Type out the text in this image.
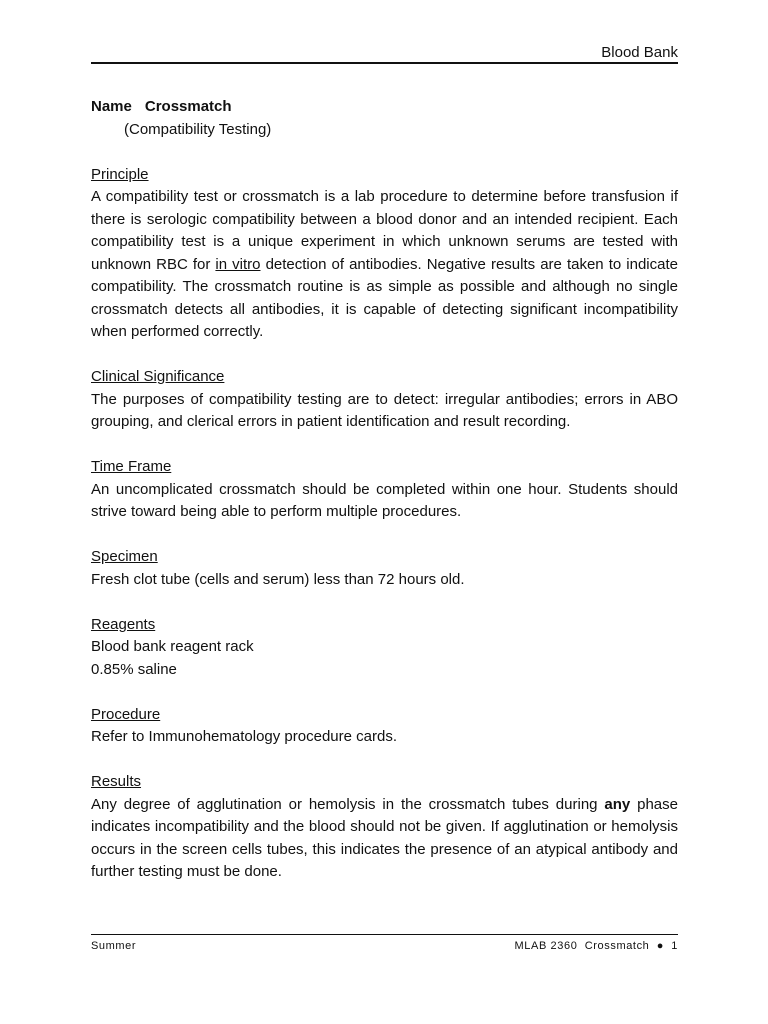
Blood Bank
Name Crossmatch
(Compatibility Testing)
Principle

A compatibility test or crossmatch is a lab procedure to determine before transfusion if there is serologic compatibility between a blood donor and an intended recipient. Each compatibility test is a unique experiment in which unknown serums are tested with unknown RBC for in vitro detection of antibodies. Negative results are taken to indicate compatibility. The crossmatch routine is as simple as possible and although no single crossmatch detects all antibodies, it is capable of detecting significant incompatibility when performed correctly.

Clinical Significance

The purposes of compatibility testing are to detect: irregular antibodies; errors in ABO grouping, and clerical errors in patient identification and result recording.

Time Frame

An uncomplicated crossmatch should be completed within one hour. Students should strive toward being able to perform multiple procedures.

Specimen

Fresh clot tube (cells and serum) less than 72 hours old.

Reagents
Blood bank reagent rack
0.85% saline
Procedure

Refer to Immunohematology procedure cards.

Results

Any degree of agglutination or hemolysis in the crossmatch tubes during any phase indicates incompatibility and the blood should not be given. If agglutination or hemolysis occurs in the screen cells tubes, this indicates the presence of an atypical antibody and further testing must be done.

Summer	MLAB 2360  Crossmatch  ●  1
